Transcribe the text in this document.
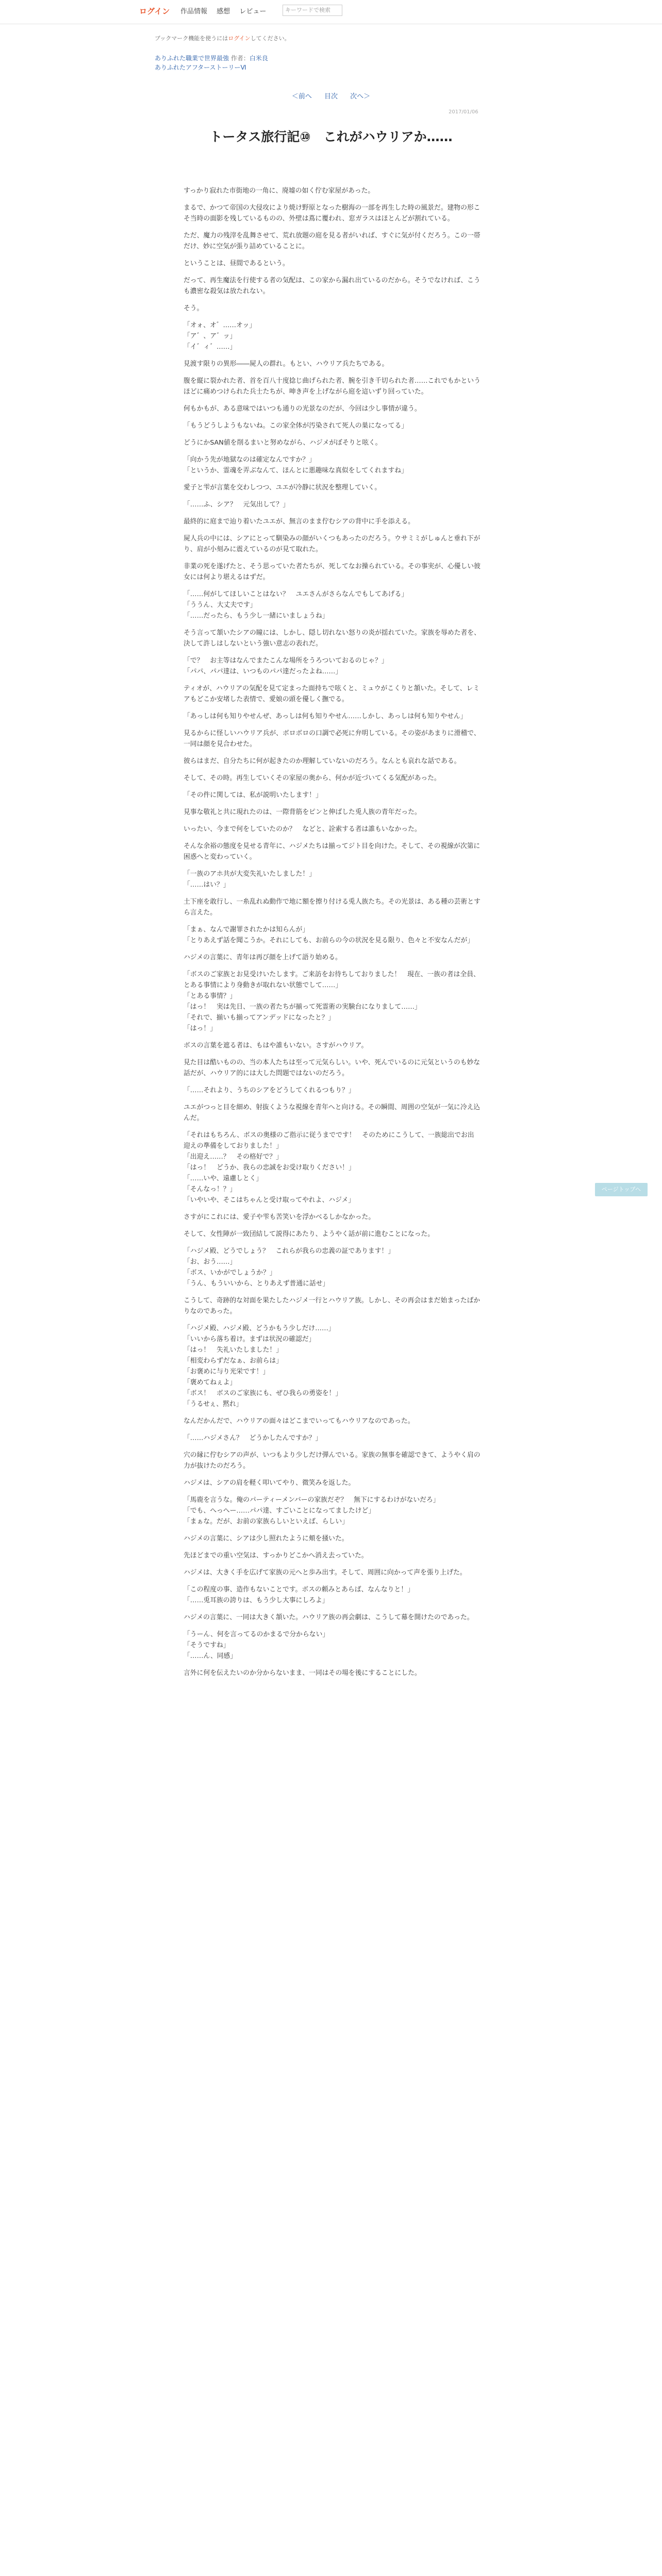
ログイン 作品情報 感想 レビュー	キーワードで検索
ブックマーク機能を使うにはログインしてください。
ありふれた職業で世界最強 作者：白米良
ありふれたアフターストーリーⅥ
＜前へ 目次 次へ＞
2017/01/06
トータス旅行記⑩　これがハウリアか……

すっかり寂れた市街地の一角に、廃墟の如く佇む家屋があった。

まるで、かつて帝国の大侵攻により焼け野原となった樹海の一部を再生した時の風景だ。建物の形こそ当時の面影を残しているものの、外壁は蔦に覆われ、窓ガラスはほとんどが割れている。

ただ、魔力の残滓を乱舞させて、荒れ放題の庭を見る者がいれば、すぐに気が付くだろう。この一帯だけ、妙に空気が張り詰めていることに。

ということは、昼間であるという。

だって、再生魔法を行使する者の気配は、この家から漏れ出ているのだから。そうでなければ、こうも濃密な殺気は放たれない。

そう。

「オォ、オ゛……オッ」
「ア゛、ア゛ッ」
「イ゛ィ゛……」

見渡す限りの異形――屍人の群れ。もとい、ハウリア兵たちである。

腹を縦に裂かれた者、首を百八十度捻じ曲げられた者、腕を引き千切られた者……これでもかというほどに痛めつけられた兵士たちが、呻き声を上げながら庭を這いずり回っていた。

何もかもが、ある意味ではいつも通りの光景なのだが、今回は少し事情が違う。

「もうどうしようもないね。この家全体が汚染されて死人の巣になってる」

どうにかSAN値を削るまいと努めながら、ハジメがぼそりと呟く。

「向かう先が地獄なのは確定なんですか？」
「というか、霊魂を弄ぶなんて、ほんとに悪趣味な真似をしてくれますね」

愛子と雫が言葉を交わしつつ、ユエが冷静に状況を整理していく。

「……ふ、シア？　元気出して？」

最終的に庭まで辿り着いたユエが、無言のまま佇むシアの背中に手を添える。

屍人兵の中には、シアにとって馴染みの顔がいくつもあったのだろう。ウサミミがしゅんと垂れ下がり、肩が小刻みに震えているのが見て取れた。

非業の死を遂げたと、そう思っていた者たちが、死してなお操られている。その事実が、心優しい彼女には何より堪えるはずだ。

「……何がしてほしいことはない？　ユエさんがさらなんでもしてあげる」
「ううん、大丈夫です」
「……だったら、もう少し一緒にいましょうね」

そう言って頷いたシアの瞳には、しかし、隠し切れない怒りの炎が揺れていた。家族を辱めた者を、決して許しはしないという強い意志の表れだ。

「で？　お主等はなんでまたこんな場所をうろついておるのじゃ？」
「パパ、パパ達は、いつものパパ達だったよね……」

ティオが、ハウリアの気配を見て定まった面持ちで呟くと、ミュウがこくりと頷いた。そして、レミアもどこか安堵した表情で、愛娘の頭を優しく撫でる。

「あっしは何も知りやせんぜ、あっしは何も知りやせん……しかし、あっしは何も知りやせん」

見るからに怪しいハウリア兵が、ボロボロの口調で必死に弁明している。その姿があまりに滑稽で、一同は顔を見合わせた。

彼らはまだ、自分たちに何が起きたのか理解していないのだろう。なんとも哀れな話である。

そして、その時。再生していくその家屋の奥から、何かが近づいてくる気配があった。

「その件に関しては、私が説明いたします！」

見事な敬礼と共に現れたのは、一際背筋をピンと伸ばした兎人族の青年だった。

いったい、今まで何をしていたのか？　などと、詮索する者は誰もいなかった。

そんな余裕の態度を見せる青年に、ハジメたちは揃ってジト目を向けた。そして、その視線が次第に困惑へと変わっていく。

「一族のアホ共が大変失礼いたしました！」
「……はい？」

土下座を敢行し、一糸乱れぬ動作で地に額を擦り付ける兎人族たち。その光景は、ある種の芸術とすら言えた。

「まぁ、なんで謝罪されたかは知らんが」
「とりあえず話を聞こうか。それにしても、お前らの今の状況を見る限り、色々と不安なんだが」

ハジメの言葉に、青年は再び顔を上げて語り始める。

「ボスのご家族とお見受けいたします。ご来訪をお待ちしておりました！　現在、一族の者は全員、とある事情により身動きが取れない状態でして……」
「とある事情？」
「はっ！　実は先日、一族の者たちが揃って死霊術の実験台になりまして……」
「それで、揃いも揃ってアンデッドになったと？」
「はっ！」

ボスの言葉を遮る者は、もはや誰もいない。さすがハウリア。

見た目は酷いものの、当の本人たちは至って元気らしい。いや、死んでいるのに元気というのも妙な話だが、ハウリア的には大した問題ではないのだろう。

「……それより、うちのシアをどうしてくれるつもり？」

ユエがつっと目を細め、射抜くような視線を青年へと向ける。その瞬間、周囲の空気が一気に冷え込んだ。

「それはもちろん、ボスの奥様のご指示に従うまでです！　そのためにこうして、一族総出でお出迎えの準備をしておりました！」
「出迎え……？　その格好で？」
「はっ！　どうか、我らの忠誠をお受け取りください！」
「……いや、遠慮しとく」
「そんなっ！？」
「いやいや、そこはちゃんと受け取ってやれよ、ハジメ」

さすがにこれには、愛子や雫も苦笑いを浮かべるしかなかった。

そして、女性陣が一致団結して説得にあたり、ようやく話が前に進むことになった。

「ハジメ殿、どうでしょう？　これらが我らの忠義の証であります！」
「お、おう……」
「ボス、いかがでしょうか？」
「うん、もういいから、とりあえず普通に話せ」

こうして、奇跡的な対面を果たしたハジメ一行とハウリア族。しかし、その再会はまだ始まったばかりなのであった。

「ハジメ殿、ハジメ殿、どうかもう少しだけ……」
「いいから落ち着け。まずは状況の確認だ」
「はっ！　失礼いたしました！」
「相変わらずだなぁ、お前らは」
「お褒めに与り光栄です！」
「褒めてねぇよ」
「ボス！　ボスのご家族にも、ぜひ我らの勇姿を！」
「うるせぇ、黙れ」

なんだかんだで、ハウリアの面々はどこまでいってもハウリアなのであった。

「……ハジメさん？　どうかしたんですか？」

穴の縁に佇むシアの声が、いつもより少しだけ弾んでいる。家族の無事を確認できて、ようやく肩の力が抜けたのだろう。

ハジメは、シアの肩を軽く叩いてやり、微笑みを返した。

「馬鹿を言うな。俺のパーティーメンバーの家族だぞ？　無下にするわけがないだろ」
「でも、へっへー……パパ達、すごいことになってましたけど」
「まぁな。だが、お前の家族らしいといえば、らしい」

ハジメの言葉に、シアは少し照れたように頬を掻いた。

先ほどまでの重い空気は、すっかりどこかへ消え去っていた。

ハジメは、大きく手を広げて家族の元へと歩み出す。そして、周囲に向かって声を張り上げた。

「この程度の事、造作もないことです。ボスの頼みとあらば、なんなりと！」
「……兎耳族の誇りは、もう少し大事にしろよ」

ハジメの言葉に、一同は大きく頷いた。ハウリア族の再会劇は、こうして幕を開けたのであった。

「うーん、何を言ってるのかまるで分からない」
「そうですね」
「……ん、同感」

言外に何を伝えたいのか分からないまま、一同はその場を後にすることにした。

ページトップへ
